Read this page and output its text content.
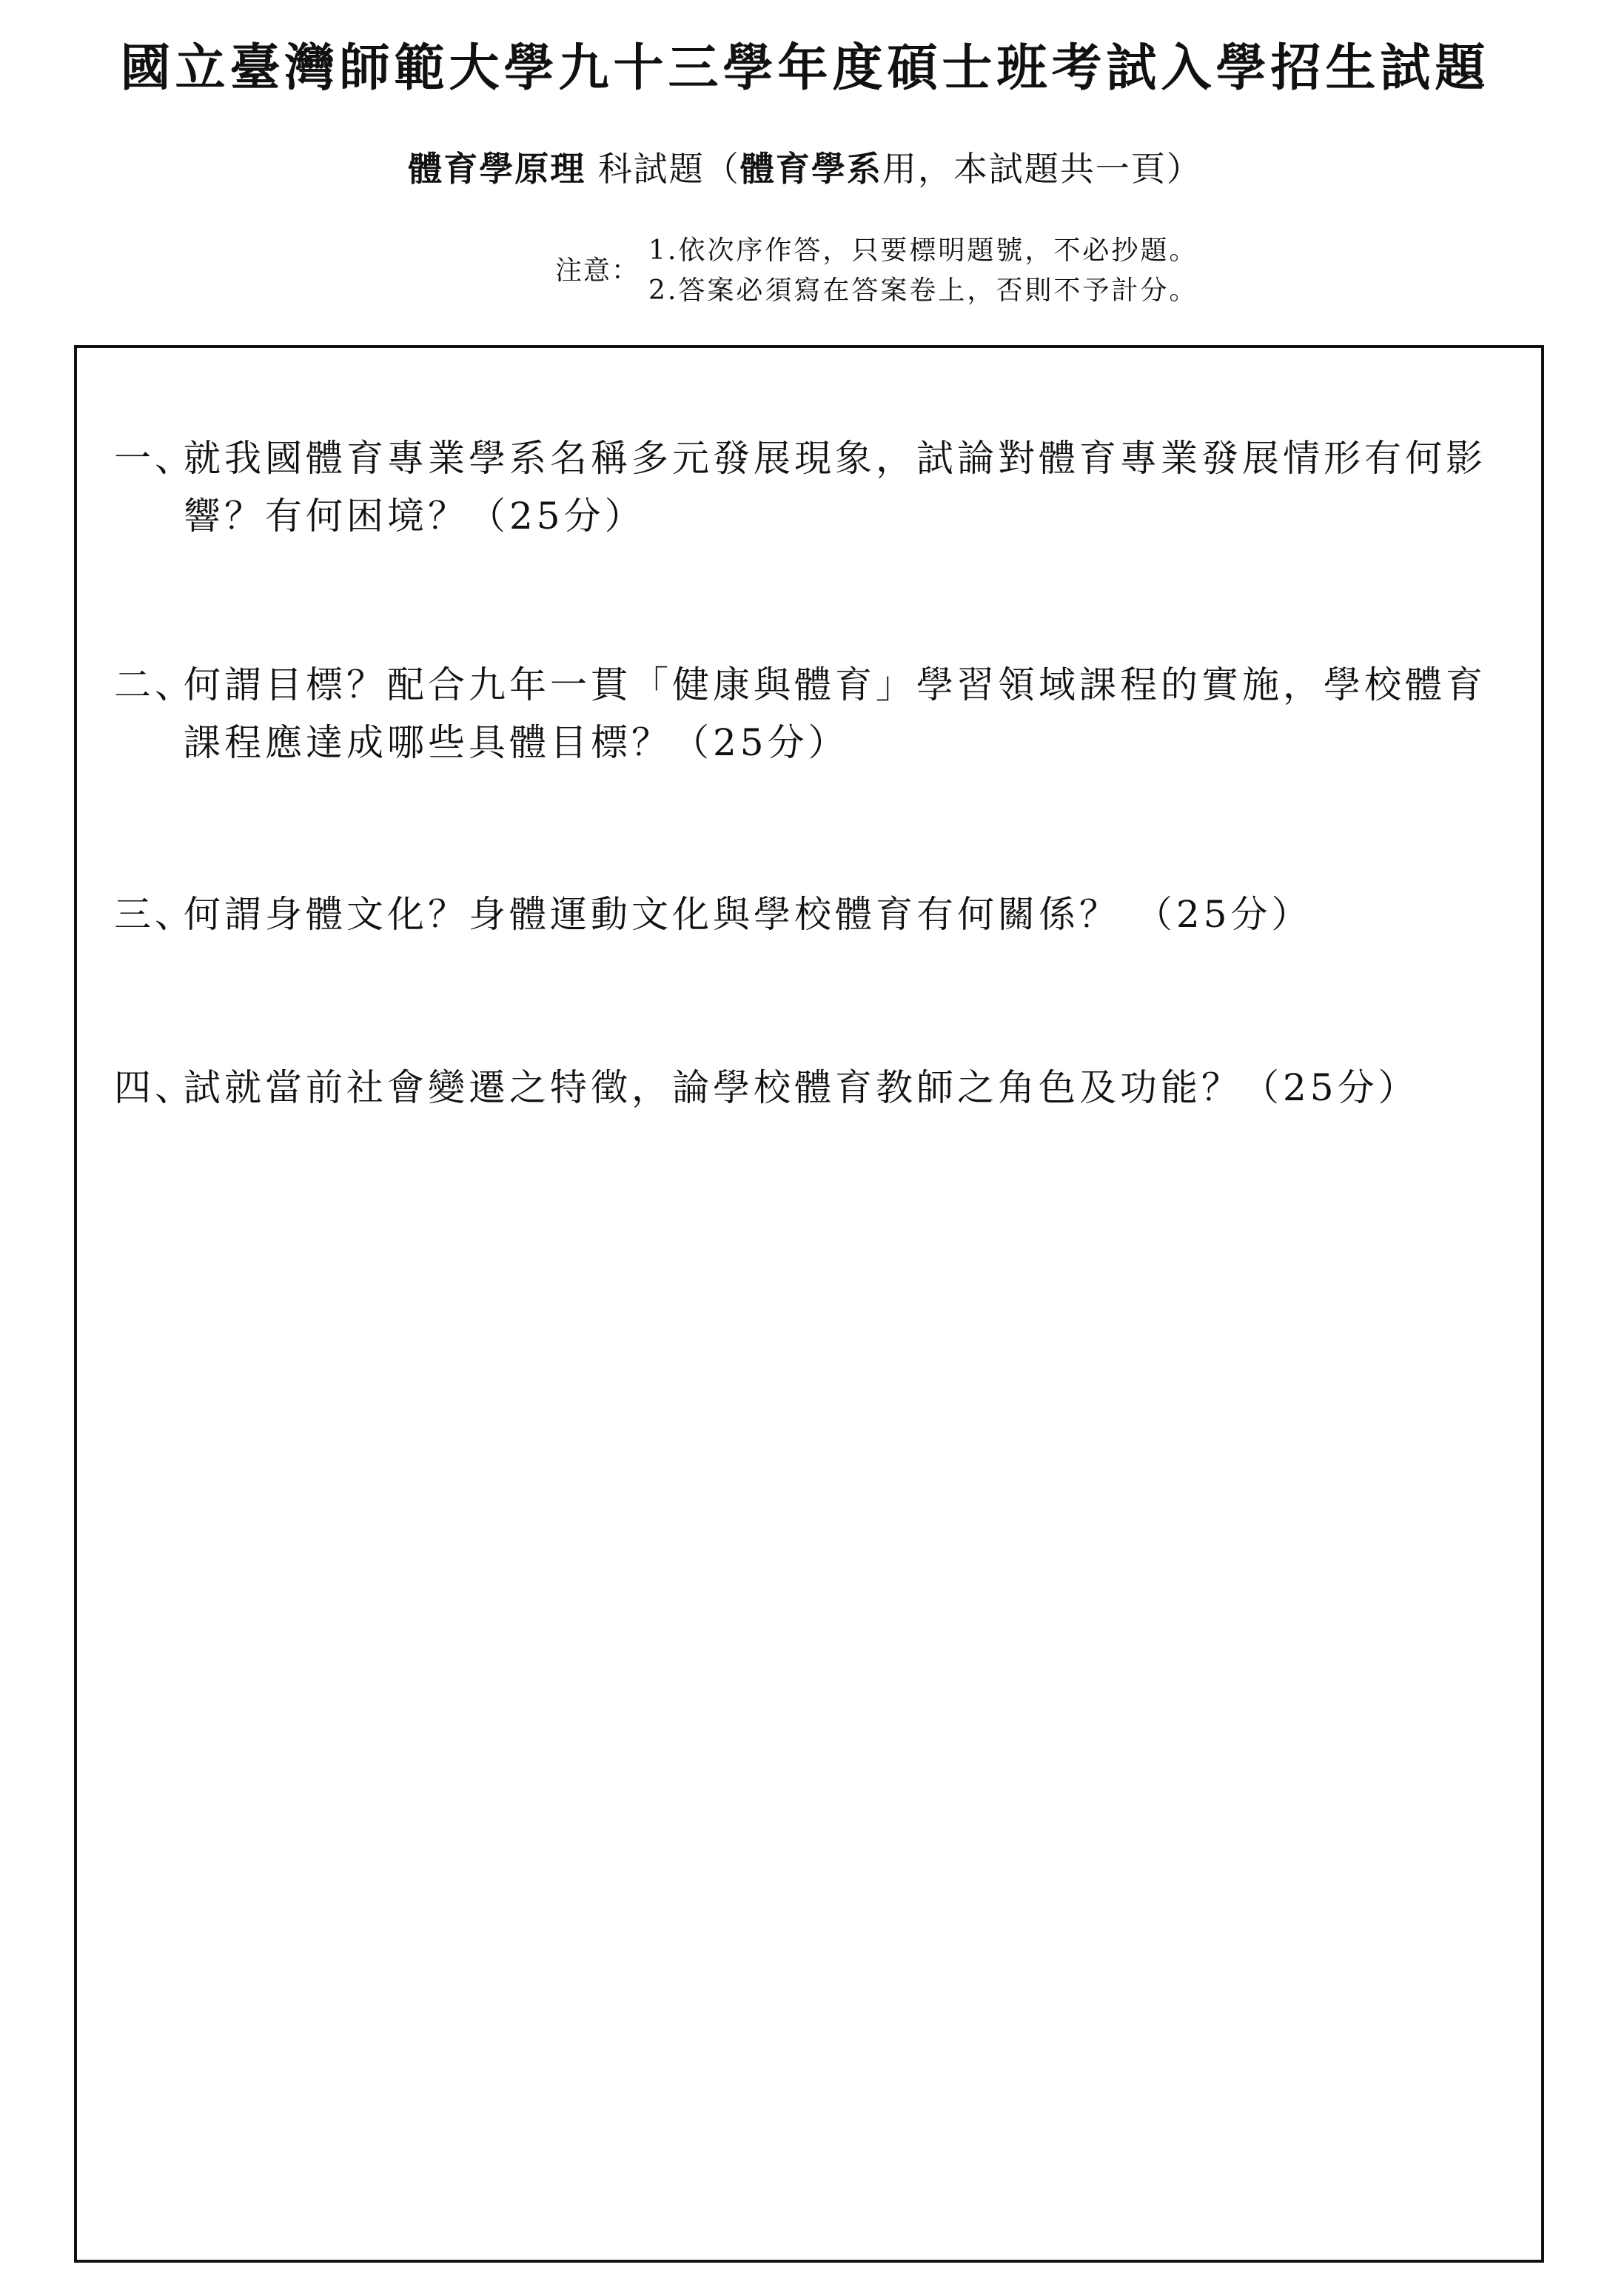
國立臺灣師範大學九十三學年度碩士班考試入學招生試題
體育學原理 科試題（體育學系用，本試題共一頁）
注意：
1.依次序作答，只要標明題號，不必抄題。
2.答案必須寫在答案卷上，否則不予計分。
一、
就我國體育專業學系名稱多元發展現象，試論對體育專業發展情形有何影響？有何困境？（25分）
二、
何謂目標？配合九年一貫「健康與體育」學習領域課程的實施，學校體育課程應達成哪些具體目標？（25分）
三、
何謂身體文化？身體運動文化與學校體育有何關係？ （25分）
四、
試就當前社會變遷之特徵，論學校體育教師之角色及功能？（25分）
